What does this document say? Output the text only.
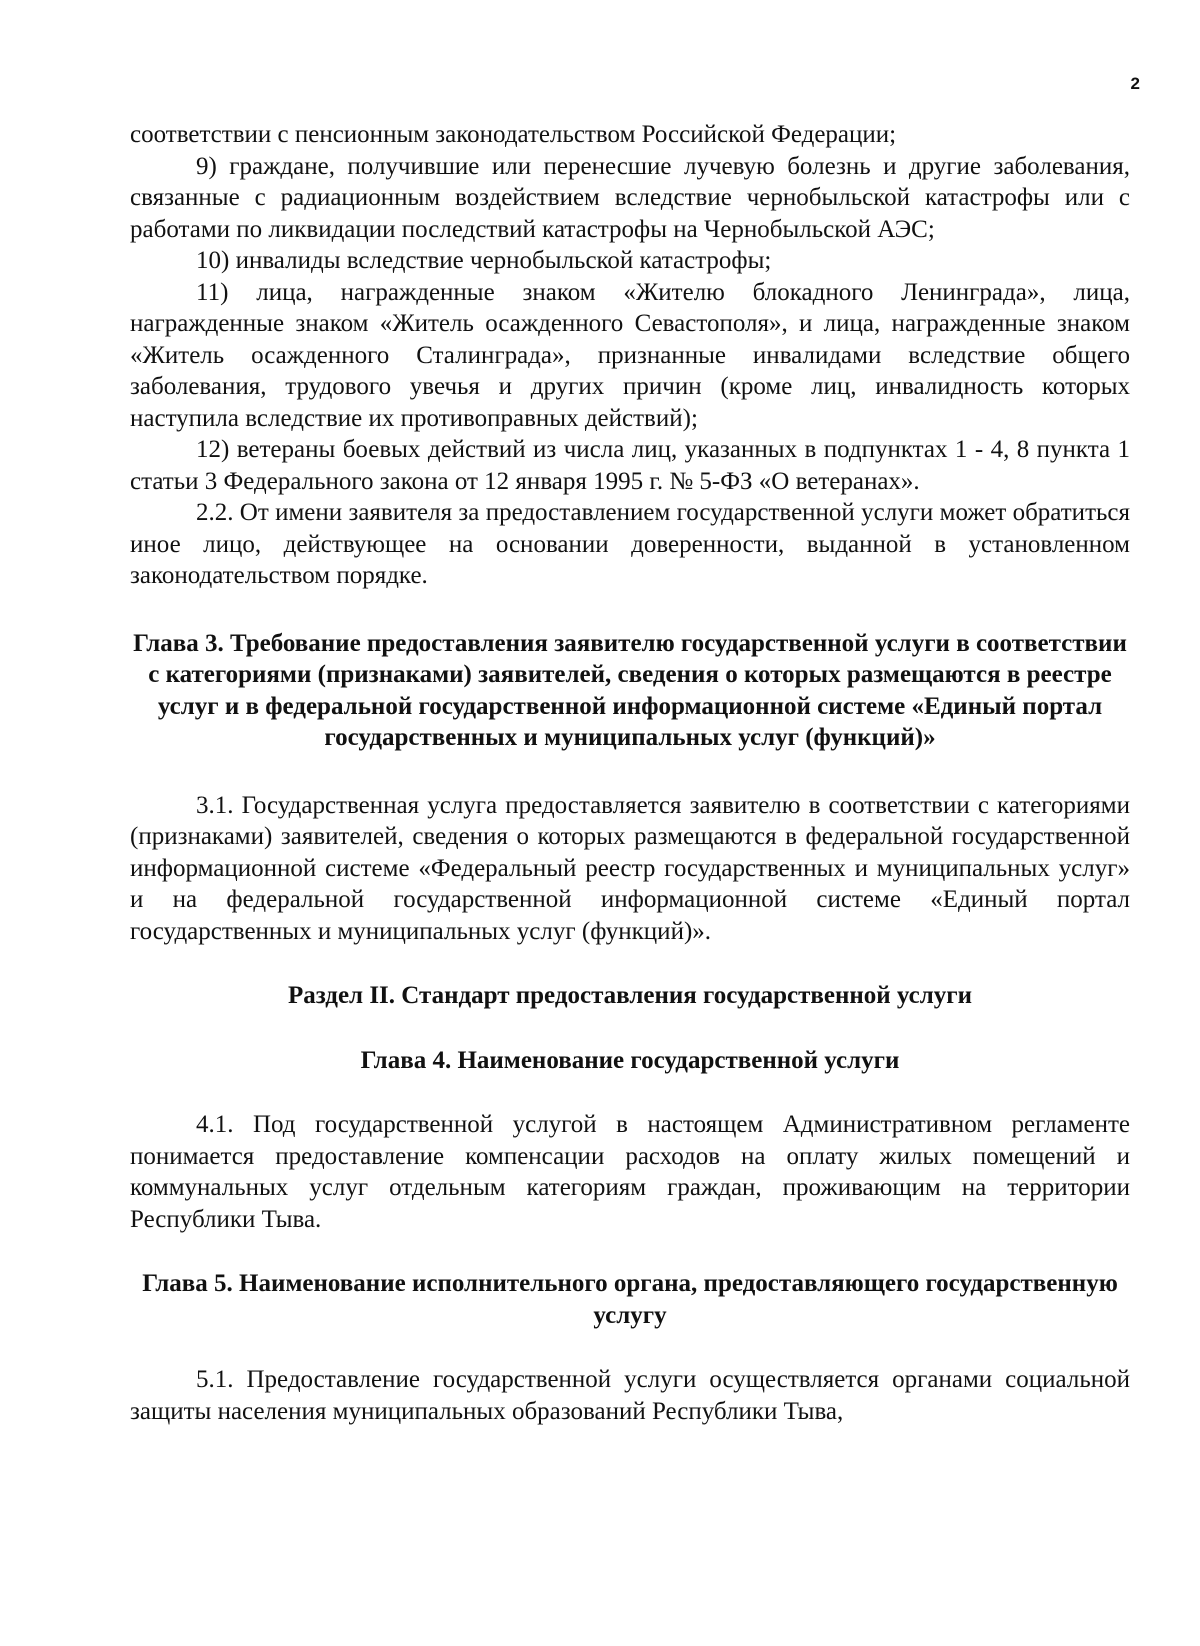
2

соответствии с пенсионным законодательством Российской Федерации;

9) граждане, получившие или перенесшие лучевую болезнь и другие заболевания, связанные с радиационным воздействием вследствие чернобыльской катастрофы или с работами по ликвидации последствий катастрофы на Чернобыльской АЭС;

10) инвалиды вследствие чернобыльской катастрофы;

11) лица, награжденные знаком «Жителю блокадного Ленинграда», лица, награжденные знаком «Житель осажденного Севастополя», и лица, награжденные знаком «Житель осажденного Сталинграда», признанные инвалидами вследствие общего заболевания, трудового увечья и других причин (кроме лиц, инвалидность которых наступила вследствие их противоправных действий);

12) ветераны боевых действий из числа лиц, указанных в подпунктах 1 - 4, 8 пункта 1 статьи 3 Федерального закона от 12 января 1995 г. № 5-ФЗ «О ветеранах».

2.2. От имени заявителя за предоставлением государственной услуги может обратиться иное лицо, действующее на основании доверенности, выданной в установленном законодательством порядке.

Глава 3. Требование предоставления заявителю государственной услуги в соответствии с категориями (признаками) заявителей, сведения о которых размещаются в реестре услуг и в федеральной государственной информационной системе «Единый портал государственных и муниципальных услуг (функций)»

3.1. Государственная услуга предоставляется заявителю в соответствии с категориями (признаками) заявителей, сведения о которых размещаются в федеральной государственной информационной системе «Федеральный реестр государственных и муниципальных услуг» и на федеральной государственной информационной системе «Единый портал государственных и муниципальных услуг (функций)».

Раздел II. Стандарт предоставления государственной услуги

Глава 4. Наименование государственной услуги

4.1. Под государственной услугой в настоящем Административном регламенте понимается предоставление компенсации расходов на оплату жилых помещений и коммунальных услуг отдельным категориям граждан, проживающим на территории Республики Тыва.

Глава 5. Наименование исполнительного органа, предоставляющего государственную услугу

5.1. Предоставление государственной услуги осуществляется органами социальной защиты населения муниципальных образований Республики Тыва,
